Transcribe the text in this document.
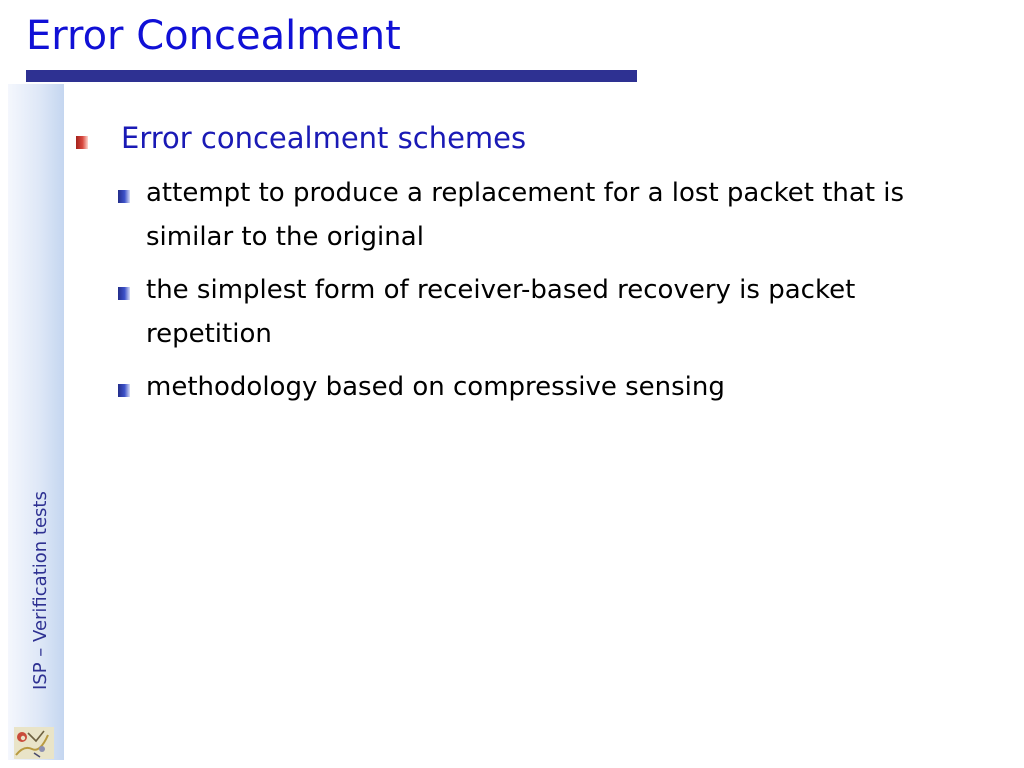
Error Concealment
ISP – Verification tests

Error concealment schemes

attempt to produce a replacement for a lost packet that is similar to the original

the simplest form of receiver-based recovery is packet repetition

methodology based on compressive sensing
